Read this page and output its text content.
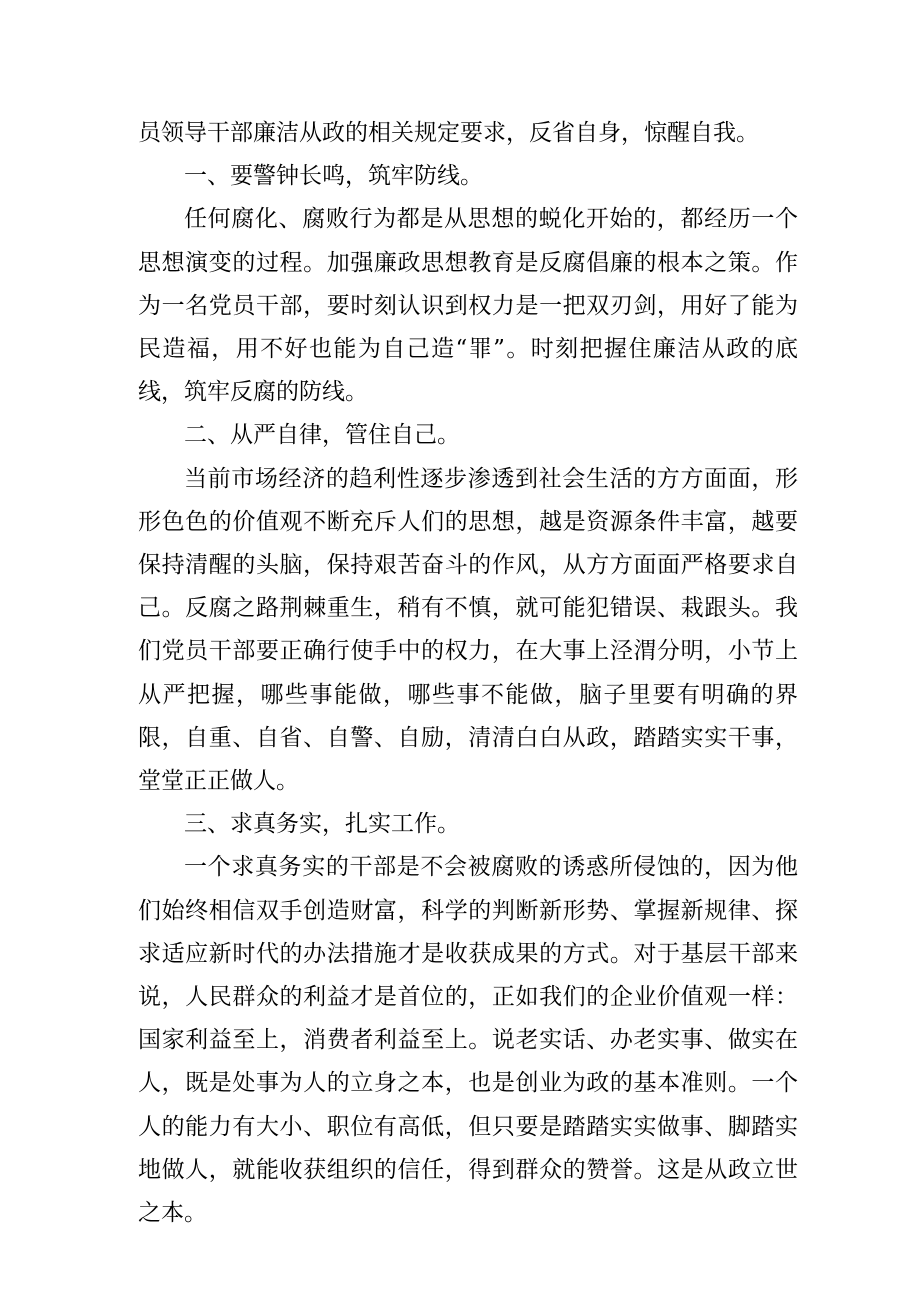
员领导干部廉洁从政的相关规定要求，反省自身，惊醒自我。

一、要警钟长鸣，筑牢防线。

任何腐化、腐败行为都是从思想的蜕化开始的，都经历一个思想演变的过程。加强廉政思想教育是反腐倡廉的根本之策。作为一名党员干部，要时刻认识到权力是一把双刃剑，用好了能为民造福，用不好也能为自己造“罪”。时刻把握住廉洁从政的底线，筑牢反腐的防线。

二、从严自律，管住自己。

当前市场经济的趋利性逐步渗透到社会生活的方方面面，形形色色的价值观不断充斥人们的思想，越是资源条件丰富，越要保持清醒的头脑，保持艰苦奋斗的作风，从方方面面严格要求自己。反腐之路荆棘重生，稍有不慎，就可能犯错误、栽跟头。我们党员干部要正确行使手中的权力，在大事上泾渭分明，小节上从严把握，哪些事能做，哪些事不能做，脑子里要有明确的界限，自重、自省、自警、自励，清清白白从政，踏踏实实干事，堂堂正正做人。

三、求真务实，扎实工作。

一个求真务实的干部是不会被腐败的诱惑所侵蚀的，因为他们始终相信双手创造财富，科学的判断新形势、掌握新规律、探求适应新时代的办法措施才是收获成果的方式。对于基层干部来说，人民群众的利益才是首位的，正如我们的企业价值观一样：国家利益至上，消费者利益至上。说老实话、办老实事、做实在人，既是处事为人的立身之本，也是创业为政的基本准则。一个人的能力有大小、职位有高低，但只要是踏踏实实做事、脚踏实地做人，就能收获组织的信任，得到群众的赞誉。这是从政立世之本。
